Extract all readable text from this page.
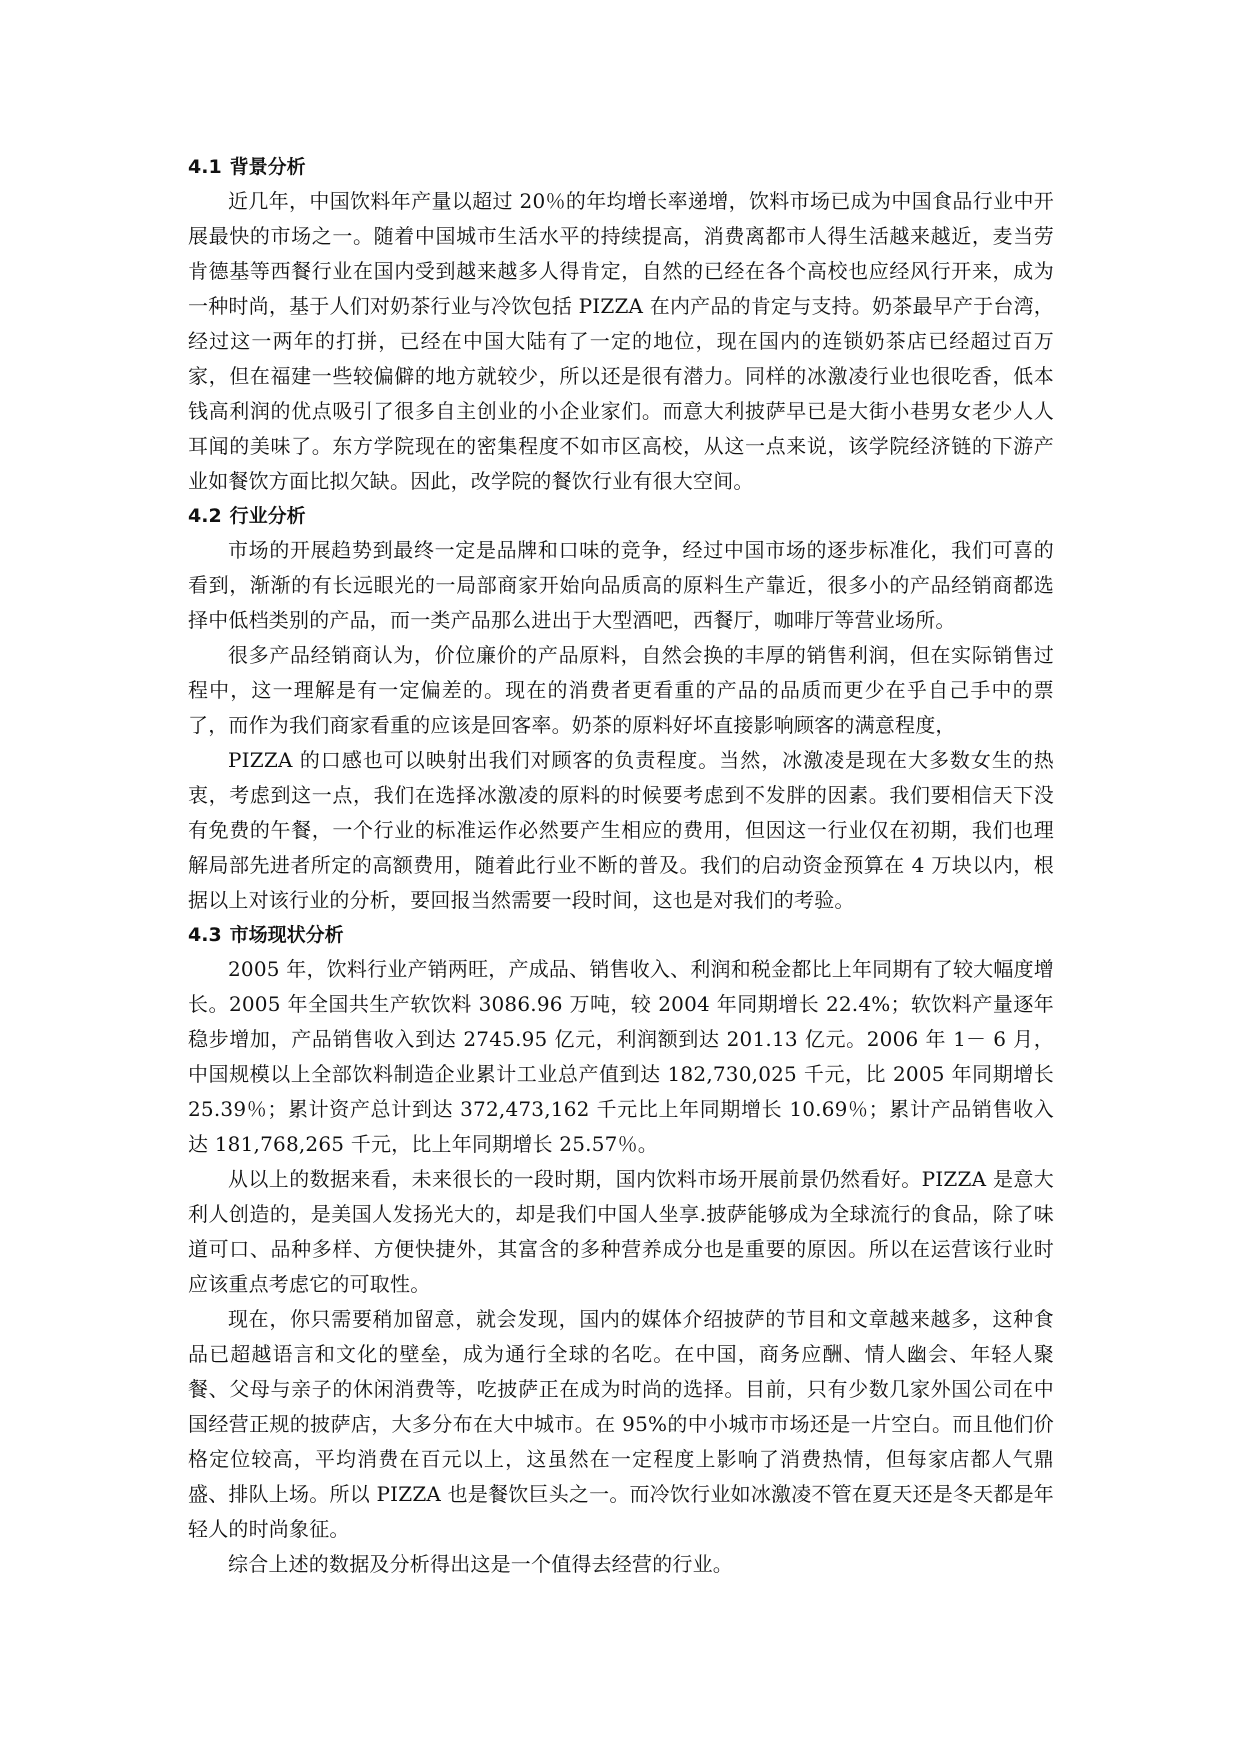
4.1 背景分析

近几年，中国饮料年产量以超过 20％的年均增长率递增，饮料市场已成为中国食品行业中开展最快的市场之一。随着中国城市生活水平的持续提高，消费离都市人得生活越来越近，麦当劳肯德基等西餐行业在国内受到越来越多人得肯定，自然的已经在各个高校也应经风行开来，成为一种时尚，基于人们对奶茶行业与冷饮包括 PIZZA 在内产品的肯定与支持。奶茶最早产于台湾，经过这一两年的打拼，已经在中国大陆有了一定的地位，现在国内的连锁奶茶店已经超过百万家，但在福建一些较偏僻的地方就较少，所以还是很有潜力。同样的冰激凌行业也很吃香，低本钱高利润的优点吸引了很多自主创业的小企业家们。而意大利披萨早已是大街小巷男女老少人人耳闻的美味了。东方学院现在的密集程度不如市区高校，从这一点来说，该学院经济链的下游产业如餐饮方面比拟欠缺。因此，改学院的餐饮行业有很大空间。

4.2 行业分析

市场的开展趋势到最终一定是品牌和口味的竞争，经过中国市场的逐步标准化，我们可喜的看到，渐渐的有长远眼光的一局部商家开始向品质高的原料生产靠近，很多小的产品经销商都选择中低档类别的产品，而一类产品那么进出于大型酒吧，西餐厅，咖啡厅等营业场所。

很多产品经销商认为，价位廉价的产品原料，自然会换的丰厚的销售利润，但在实际销售过程中，这一理解是有一定偏差的。现在的消费者更看重的产品的品质而更少在乎自己手中的票了，而作为我们商家看重的应该是回客率。奶茶的原料好坏直接影响顾客的满意程度，

PIZZA 的口感也可以映射出我们对顾客的负责程度。当然，冰激凌是现在大多数女生的热衷，考虑到这一点，我们在选择冰激凌的原料的时候要考虑到不发胖的因素。我们要相信天下没有免费的午餐，一个行业的标准运作必然要产生相应的费用，但因这一行业仅在初期，我们也理解局部先进者所定的高额费用，随着此行业不断的普及。我们的启动资金预算在 4 万块以内，根据以上对该行业的分析，要回报当然需要一段时间，这也是对我们的考验。

4.3 市场现状分析

2005 年，饮料行业产销两旺，产成品、销售收入、利润和税金都比上年同期有了较大幅度增长。2005 年全国共生产软饮料 3086.96 万吨，较 2004 年同期增长 22.4%；软饮料产量逐年稳步增加，产品销售收入到达 2745.95 亿元，利润额到达 201.13 亿元。2006 年 1－ 6 月，中国规模以上全部饮料制造企业累计工业总产值到达 182,730,025 千元，比 2005 年同期增长 25.39％；累计资产总计到达 372,473,162 千元比上年同期增长 10.69％；累计产品销售收入达 181,768,265 千元，比上年同期增长 25.57％。

从以上的数据来看，未来很长的一段时期，国内饮料市场开展前景仍然看好。PIZZA 是意大利人创造的，是美国人发扬光大的，却是我们中国人坐享.披萨能够成为全球流行的食品，除了味道可口、品种多样、方便快捷外，其富含的多种营养成分也是重要的原因。所以在运营该行业时应该重点考虑它的可取性。

现在，你只需要稍加留意，就会发现，国内的媒体介绍披萨的节目和文章越来越多，这种食品已超越语言和文化的壁垒，成为通行全球的名吃。在中国，商务应酬、情人幽会、年轻人聚餐、父母与亲子的休闲消费等，吃披萨正在成为时尚的选择。目前，只有少数几家外国公司在中国经营正规的披萨店，大多分布在大中城市。在 95%的中小城市市场还是一片空白。而且他们价格定位较高，平均消费在百元以上，这虽然在一定程度上影响了消费热情，但每家店都人气鼎盛、排队上场。所以 PIZZA 也是餐饮巨头之一。而冷饮行业如冰激凌不管在夏天还是冬天都是年轻人的时尚象征。

综合上述的数据及分析得出这是一个值得去经营的行业。
